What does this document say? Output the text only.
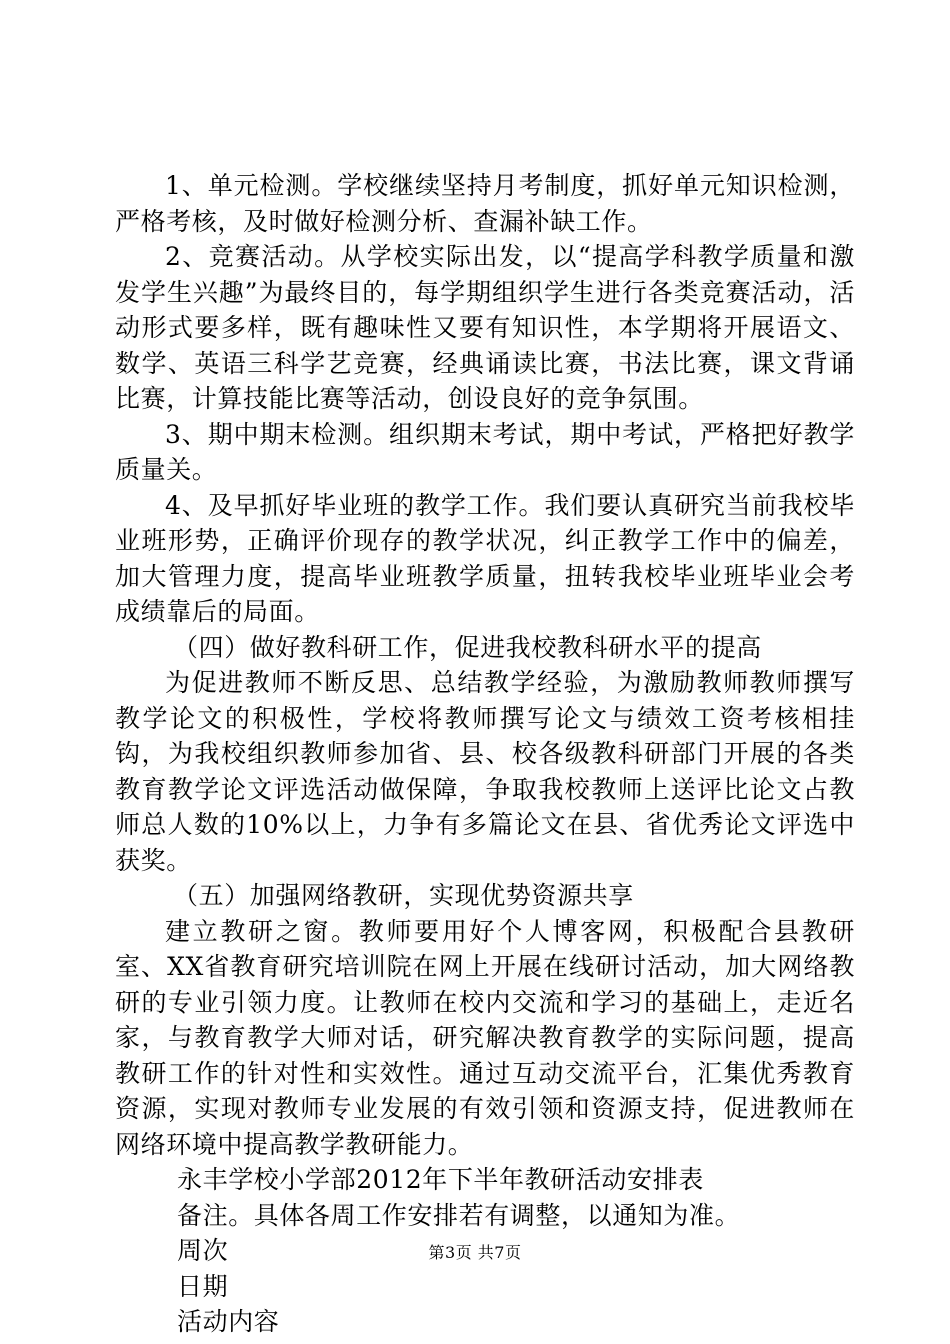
1、单元检测。学校继续坚持月考制度，抓好单元知识检测，严格考核，及时做好检测分析、查漏补缺工作。

2、竞赛活动。从学校实际出发，以“提高学科教学质量和激发学生兴趣”为最终目的，每学期组织学生进行各类竞赛活动，活动形式要多样，既有趣味性又要有知识性，本学期将开展语文、数学、英语三科学艺竞赛，经典诵读比赛，书法比赛，课文背诵比赛，计算技能比赛等活动，创设良好的竞争氛围。

3、期中期末检测。组织期末考试，期中考试，严格把好教学质量关。

4、及早抓好毕业班的教学工作。我们要认真研究当前我校毕业班形势，正确评价现存的教学状况，纠正教学工作中的偏差，加大管理力度，提高毕业班教学质量，扭转我校毕业班毕业会考成绩靠后的局面。

（四）做好教科研工作，促进我校教科研水平的提高

为促进教师不断反思、总结教学经验，为激励教师教师撰写教学论文的积极性，学校将教师撰写论文与绩效工资考核相挂钩，为我校组织教师参加省、县、校各级教科研部门开展的各类教育教学论文评选活动做保障，争取我校教师上送评比论文占教师总人数的10%以上，力争有多篇论文在县、省优秀论文评选中获奖。

（五）加强网络教研，实现优势资源共享

建立教研之窗。教师要用好个人博客网，积极配合县教研室、XX省教育研究培训院在网上开展在线研讨活动，加大网络教研的专业引领力度。让教师在校内交流和学习的基础上，走近名家，与教育教学大师对话，研究解决教育教学的实际问题，提高教研工作的针对性和实效性。通过互动交流平台，汇集优秀教育资源，实现对教师专业发展的有效引领和资源支持，促进教师在网络环境中提高教学教研能力。

永丰学校小学部2012年下半年教研活动安排表

备注。具体各周工作安排若有调整，以通知为准。

周次

日期

活动内容

第3页 共7页
